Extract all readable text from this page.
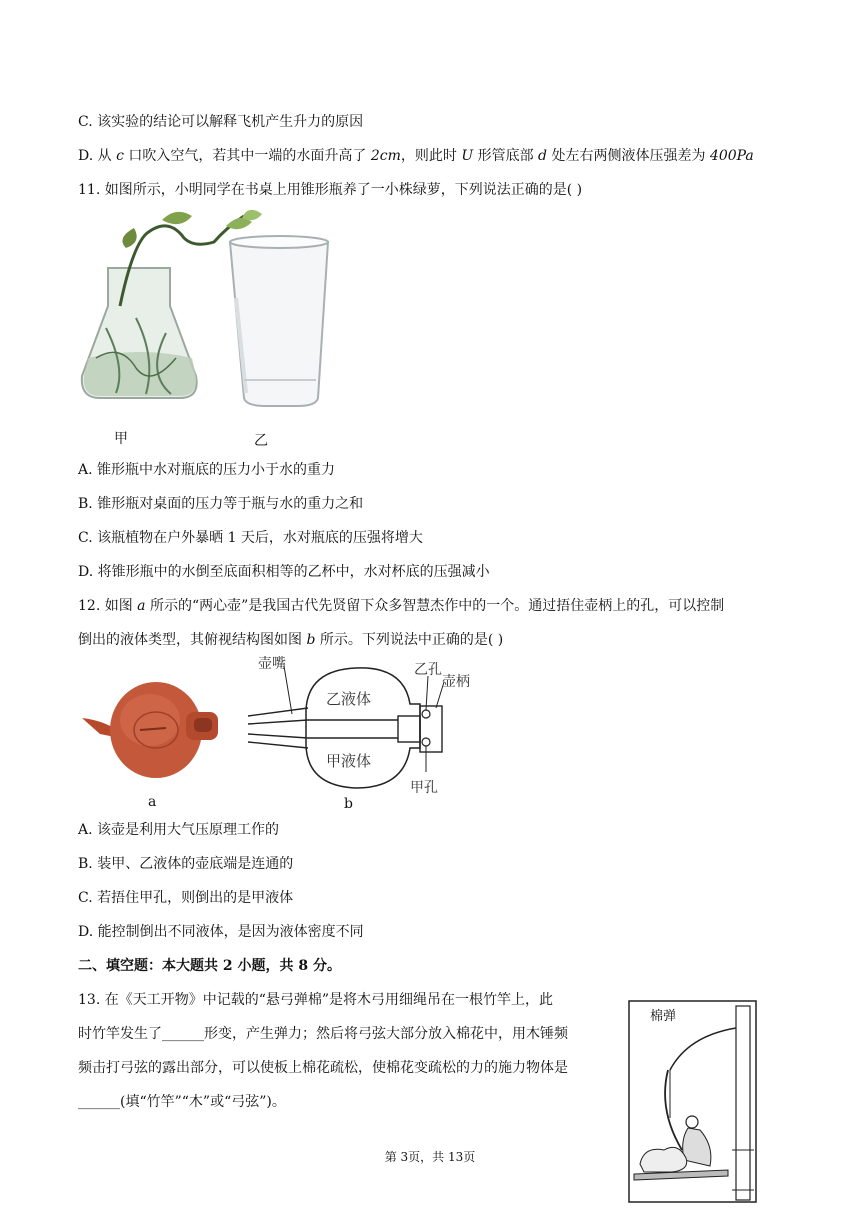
C. 该实验的结论可以解释飞机产生升力的原因
D. 从 c 口吹入空气，若其中一端的水面升高了 2cm，则此时 U 形管底部 d 处左右两侧液体压强差为 400Pa
11. 如图所示，小明同学在书桌上用锥形瓶养了一小株绿萝，下列说法正确的是( )
甲	乙
A. 锥形瓶中水对瓶底的压力小于水的重力
B. 锥形瓶对桌面的压力等于瓶与水的重力之和
C. 该瓶植物在户外暴晒 1 天后，水对瓶底的压强将增大
D. 将锥形瓶中的水倒至底面积相等的乙杯中，水对杯底的压强减小
12. 如图 a 所示的“两心壶”是我国古代先贤留下众多智慧杰作中的一个。通过捂住壶柄上的孔，可以控制
倒出的液体类型，其俯视结构图如图 b 所示。下列说法中正确的是( )
a
壶嘴	乙孔
壶柄
乙液体
甲液体
甲孔
b
A. 该壶是利用大气压原理工作的
B. 装甲、乙液体的壶底端是连通的
C. 若捂住甲孔，则倒出的是甲液体
D. 能控制倒出不同液体，是因为液体密度不同
二、填空题：本大题共 2 小题，共 8 分。
13. 在《天工开物》中记载的“悬弓弹棉”是将木弓用细绳吊在一根竹竿上，此
时竹竿发生了______形变，产生弹力；然后将弓弦大部分放入棉花中，用木锤频
频击打弓弦的露出部分，可以使板上棉花疏松，使棉花变疏松的力的施力物体是
______(填“竹竿”“木”或“弓弦”)。
棉弹
第 3页，共 13页
